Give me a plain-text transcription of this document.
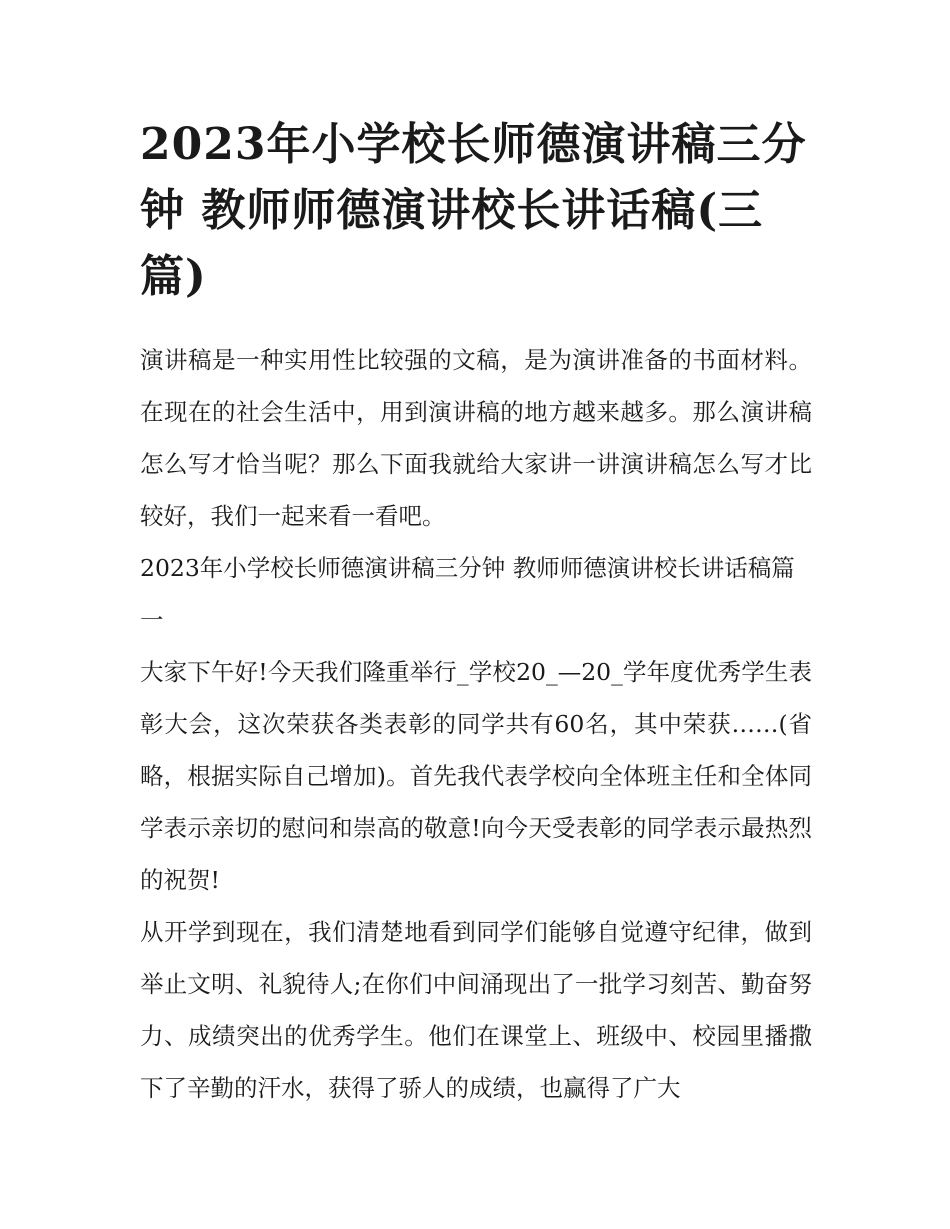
2023年小学校长师德演讲稿三分钟 教师师德演讲校长讲话稿(三篇)

演讲稿是一种实用性比较强的文稿，是为演讲准备的书面材料。在现在的社会生活中，用到演讲稿的地方越来越多。那么演讲稿怎么写才恰当呢？那么下面我就给大家讲一讲演讲稿怎么写才比较好，我们一起来看一看吧。

2023年小学校长师德演讲稿三分钟 教师师德演讲校长讲话稿篇一

大家下午好!今天我们隆重举行_学校20_—20_学年度优秀学生表彰大会，这次荣获各类表彰的同学共有60名，其中荣获……(省略，根据实际自己增加)。首先我代表学校向全体班主任和全体同学表示亲切的慰问和崇高的敬意!向今天受表彰的同学表示最热烈的祝贺!

从开学到现在，我们清楚地看到同学们能够自觉遵守纪律，做到举止文明、礼貌待人;在你们中间涌现出了一批学习刻苦、勤奋努力、成绩突出的优秀学生。他们在课堂上、班级中、校园里播撒下了辛勤的汗水，获得了骄人的成绩，也赢得了广大
